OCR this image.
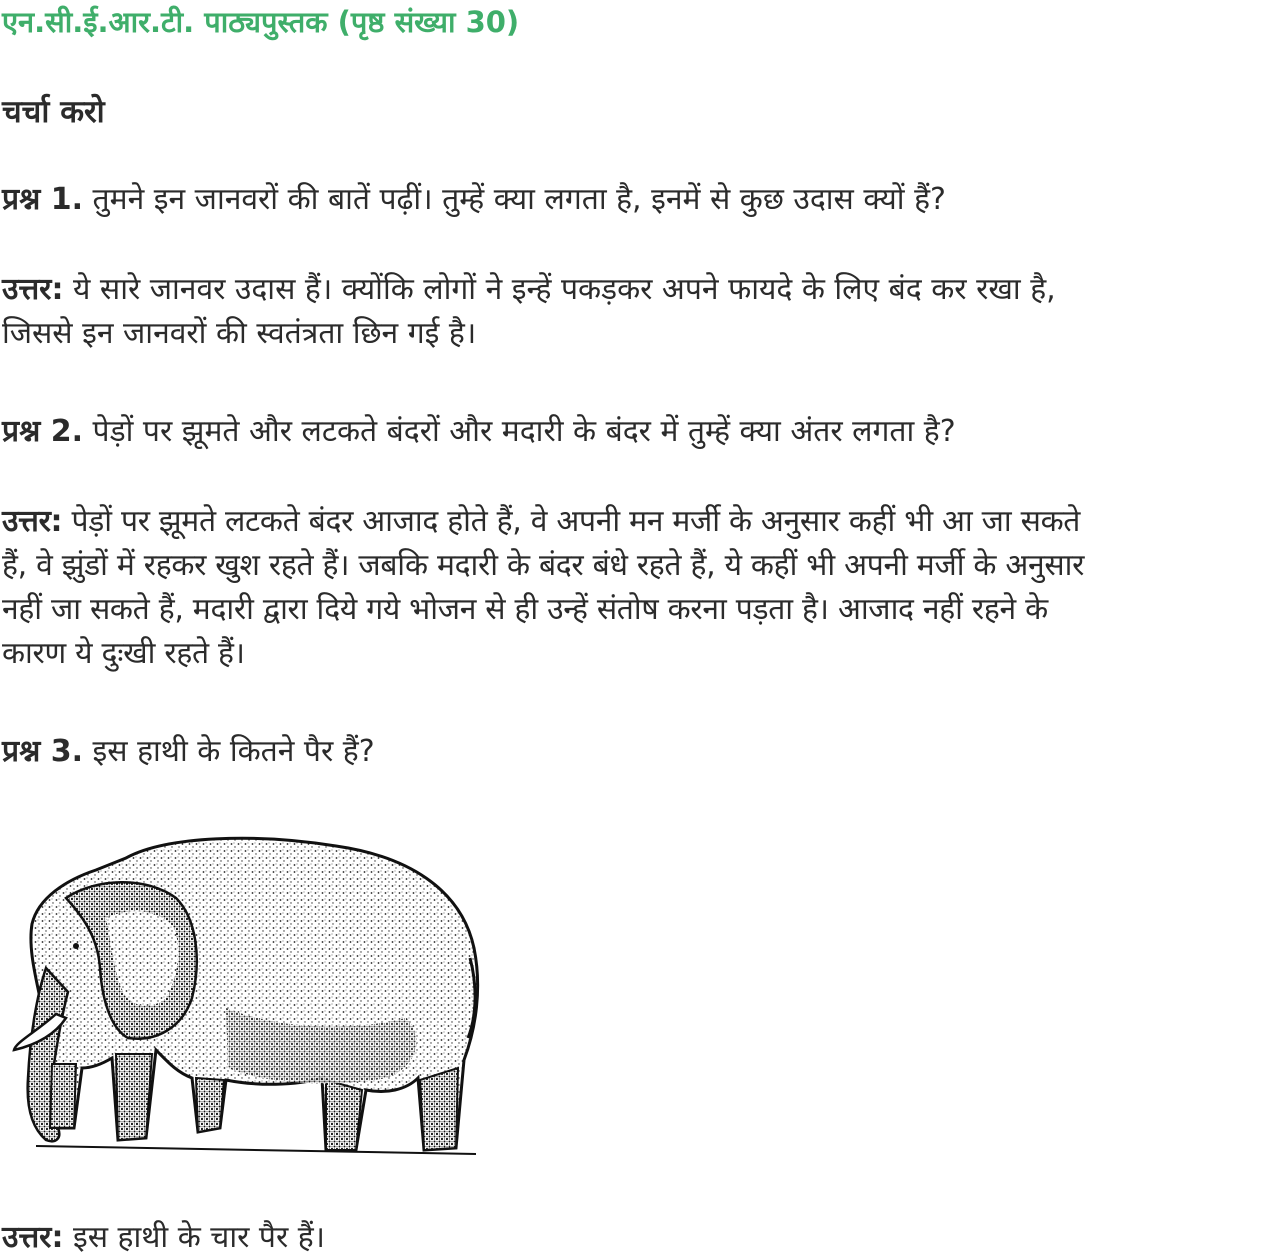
एन.सी.ई.आर.टी. पाठ्यपुस्तक (पृष्ठ संख्या 30)
चर्चा करो

प्रश्न 1. तुमने इन जानवरों की बातें पढ़ीं। तुम्हें क्या लगता है, इनमें से कुछ उदास क्यों हैं?

उत्तर: ये सारे जानवर उदास हैं। क्योंकि लोगों ने इन्हें पकड़कर अपने फायदे के लिए बंद कर रखा है,
जिससे इन जानवरों की स्वतंत्रता छिन गई है।

प्रश्न 2. पेड़ों पर झूमते और लटकते बंदरों और मदारी के बंदर में तुम्हें क्या अंतर लगता है?

उत्तर: पेड़ों पर झूमते लटकते बंदर आजाद होते हैं, वे अपनी मन मर्जी के अनुसार कहीं भी आ जा सकते
हैं, वे झुंडों में रहकर खुश रहते हैं। जबकि मदारी के बंदर बंधे रहते हैं, ये कहीं भी अपनी मर्जी के अनुसार
नहीं जा सकते हैं, मदारी द्वारा दिये गये भोजन से ही उन्हें संतोष करना पड़ता है। आजाद नहीं रहने के
कारण ये दुःखी रहते हैं।

प्रश्न 3. इस हाथी के कितने पैर हैं?

उत्तर: इस हाथी के चार पैर हैं।
